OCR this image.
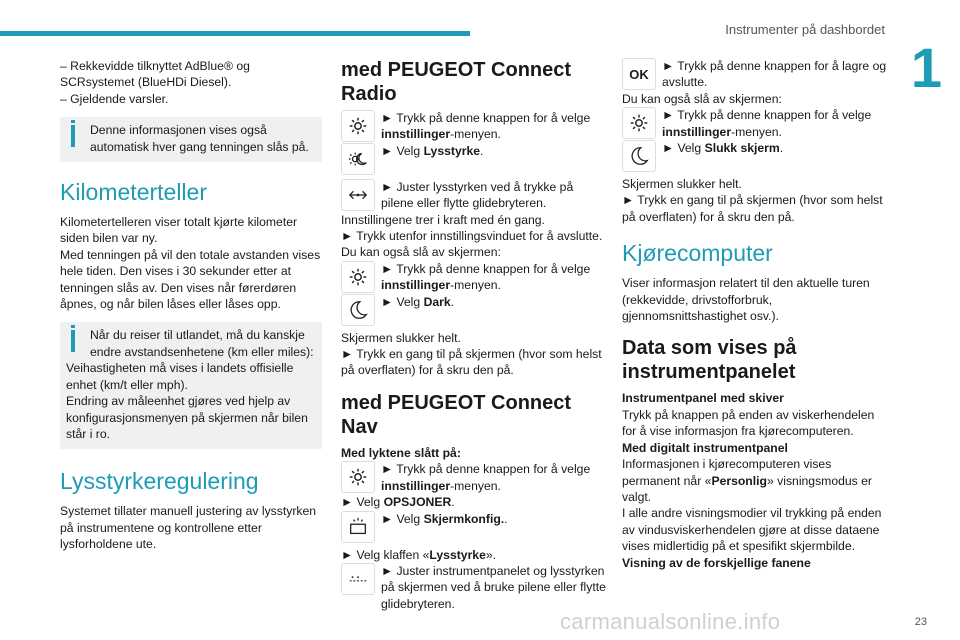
Instrumenter på dashbordet
1

– Rekkevidde tilknyttet AdBlue® og SCRsystemet (BlueHDi Diesel).

– Gjeldende varsler.

Denne informasjonen vises også automatisk hver gang tenningen slås på.

Kilometerteller

Kilometertelleren viser totalt kjørte kilometer siden bilen var ny.

Med tenningen på vil den totale avstanden vises hele tiden. Den vises i 30 sekunder etter at tenningen slås av. Den vises når førerdøren åpnes, og når bilen låses eller låses opp.

Når du reiser til utlandet, må du kanskje endre avstandsenhetene (km eller miles):

Veihastigheten må vises i landets offisielle enhet (km/t eller mph).

Endring av måleenhet gjøres ved hjelp av konfigurasjonsmenyen på skjermen når bilen står i ro.

Lysstyrkeregulering

Systemet tillater manuell justering av lysstyrken på instrumentene og kontrollene etter lysforholdene ute.

med PEUGEOT Connect Radio

► Trykk på denne knappen for å velge innstillinger-menyen.

► Velg Lysstyrke.

► Juster lysstyrken ved å trykke på pilene eller flytte glidebryteren.

Innstillingene trer i kraft med én gang.

► Trykk utenfor innstillingsvinduet for å avslutte.

Du kan også slå av skjermen:

► Trykk på denne knappen for å velge innstillinger-menyen.

► Velg Dark.

Skjermen slukker helt.

► Trykk en gang til på skjermen (hvor som helst på overflaten) for å skru den på.

med PEUGEOT Connect Nav

Med lyktene slått på:

► Trykk på denne knappen for å velge innstillinger-menyen.

► Velg OPSJONER.

► Velg Skjermkonfig..

► Velg klaffen «Lysstyrke».

► Juster instrumentpanelet og lysstyrken på skjermen ved å bruke pilene eller flytte glidebryteren.

OK

► Trykk på denne knappen for å lagre og avslutte.

Du kan også slå av skjermen:

► Trykk på denne knappen for å velge innstillinger-menyen.

► Velg Slukk skjerm.

Skjermen slukker helt.

► Trykk en gang til på skjermen (hvor som helst på overflaten) for å skru den på.

Kjørecomputer

Viser informasjon relatert til den aktuelle turen (rekkevidde, drivstofforbruk, gjennomsnittshastighet osv.).

Data som vises på instrumentpanelet

Instrumentpanel med skiver

Trykk på knappen på enden av viskerhendelen for å vise informasjon fra kjørecomputeren.

Med digitalt instrumentpanel

Informasjonen i kjørecomputeren vises permanent når «Personlig» visningsmodus er valgt.

I alle andre visningsmodier vil trykking på enden av vindusviskerhendelen gjøre at disse dataene vises midlertidig på et spesifikt skjermbilde.

Visning av de forskjellige fanene

carmanualsonline.info	23
